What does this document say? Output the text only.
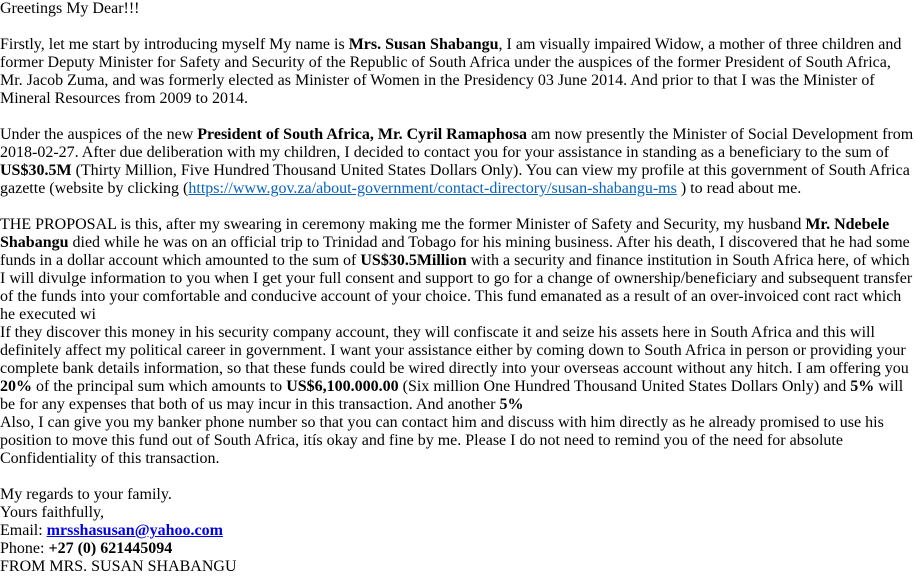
Greetings My Dear!!!

Firstly, let me start by introducing myself My name is Mrs. Susan Shabangu, I am visually impaired Widow, a mother of three children and former Deputy Minister for Safety and Security of the Republic of South Africa under the auspices of the former President of South Africa, Mr. Jacob Zuma, and was formerly elected as Minister of Women in the Presidency 03 June 2014. And prior to that I was the Minister of Mineral Resources from 2009 to 2014.

Under the auspices of the new President of South Africa, Mr. Cyril Ramaphosa am now presently the Minister of Social Development from 2018-02-27. After due deliberation with my children, I decided to contact you for your assistance in standing as a beneficiary to the sum of US$30.5M (Thirty Million, Five Hundred Thousand United States Dollars Only). You can view my profile at this government of South Africa gazette (website by clicking (https://www.gov.za/about-government/contact-directory/susan-shabangu-ms ) to read about me.

THE PROPOSAL is this, after my swearing in ceremony making me the former Minister of Safety and Security, my husband Mr. Ndebele Shabangu died while he was on an official trip to Trinidad and Tobago for his mining business. After his death, I discovered that he had some funds in a dollar account which amounted to the sum of US$30.5Million with a security and finance institution in South Africa here, of which I will divulge information to you when I get your full consent and support to go for a change of ownership/beneficiary and subsequent transfer of the funds into your comfortable and conducive account of your choice. This fund emanated as a result of an over-invoiced cont ract which he executed wi

If they discover this money in his security company account, they will confiscate it and seize his assets here in South Africa and this will definitely affect my political career in government. I want your assistance either by coming down to South Africa in person or providing your complete bank details information, so that these funds could be wired directly into your overseas account without any hitch. I am offering you 20% of the principal sum which amounts to US$6,100.000.00 (Six million One Hundred Thousand United States Dollars Only) and 5% will be for any expenses that both of us may incur in this transaction. And another 5%

Also, I can give you my banker phone number so that you can contact him and discuss with him directly as he already promised to use his position to move this fund out of South Africa, itís okay and fine by me. Please I do not need to remind you of the need for absolute Confidentiality of this transaction.

My regards to your family.
Yours faithfully,
Email: mrsshasusan@yahoo.com
Phone: +27 (0) 621445094
FROM MRS. SUSAN SHABANGU
